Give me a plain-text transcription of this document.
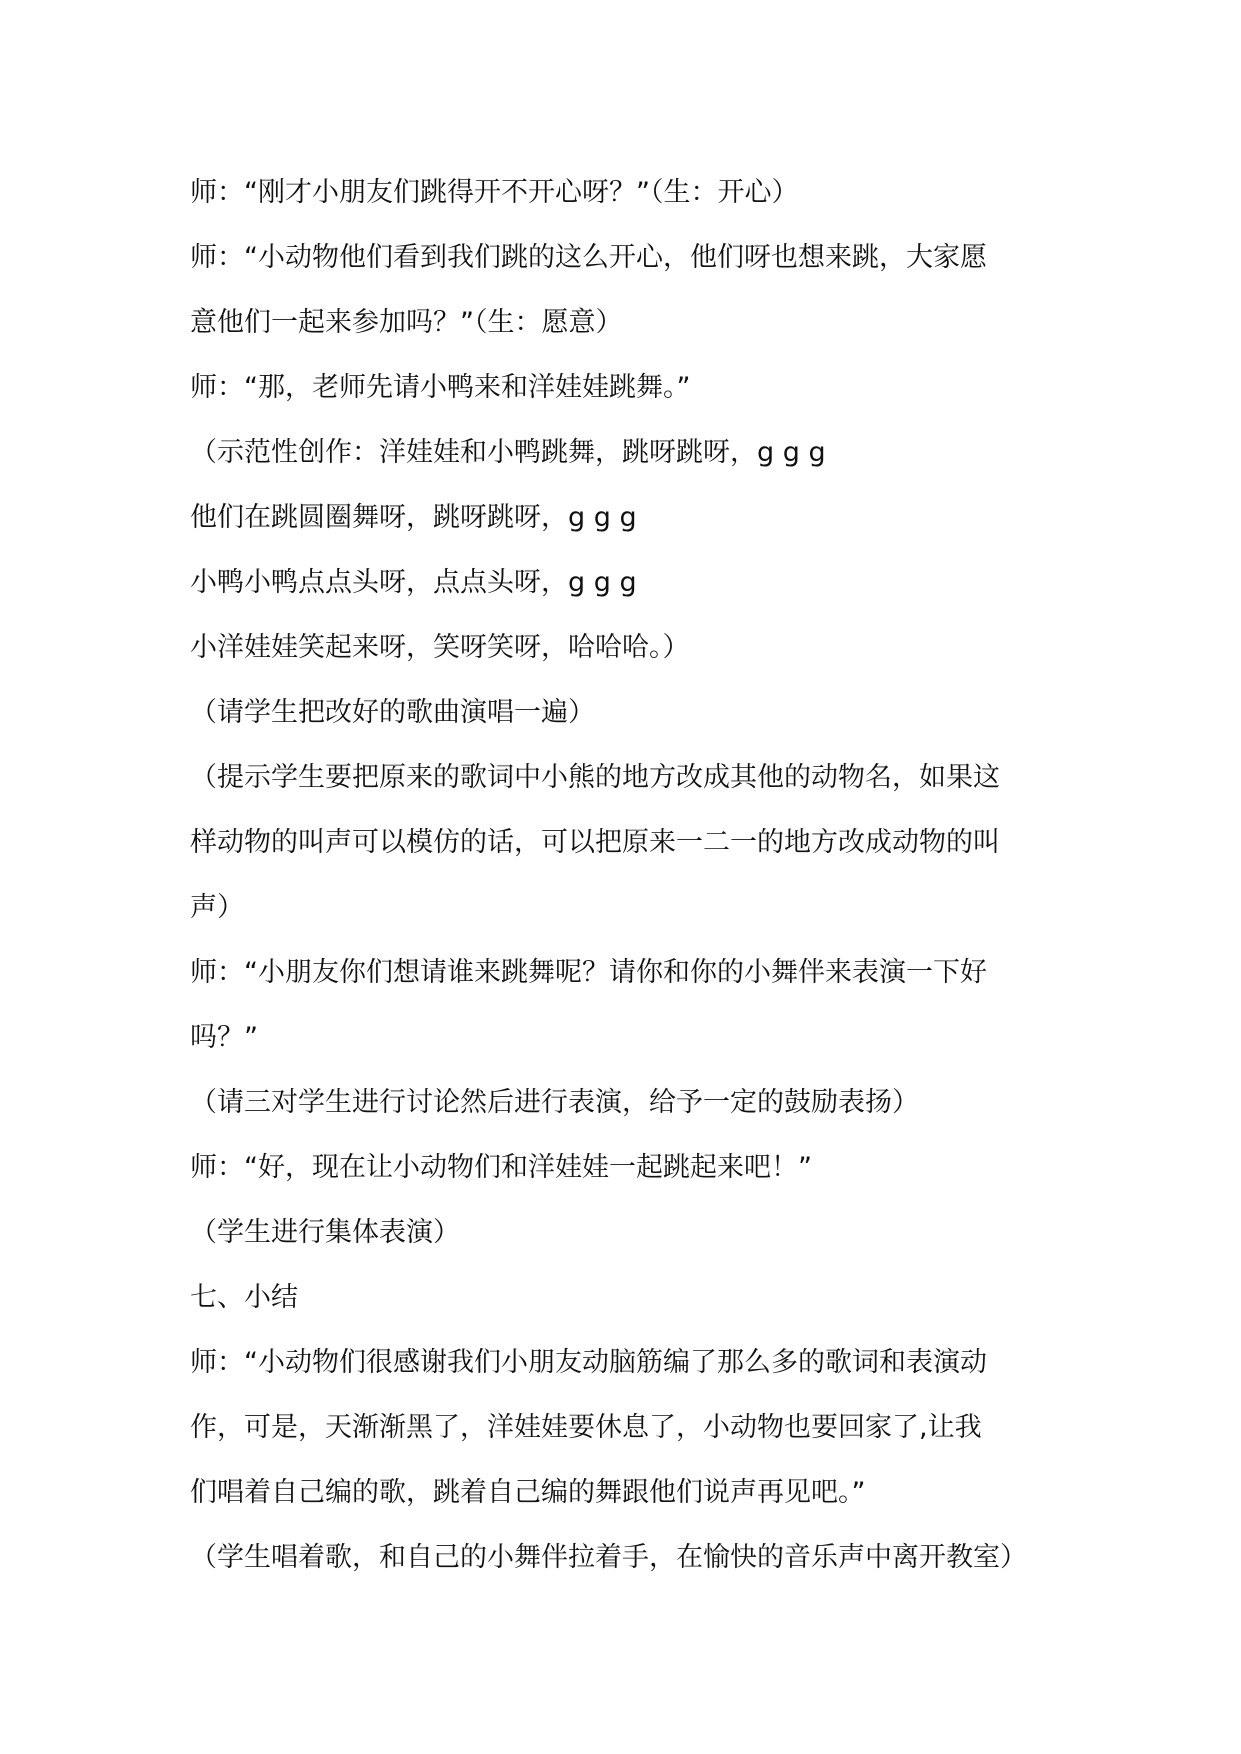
师：“刚才小朋友们跳得开不开心呀？”（生：开心）

师：“小动物他们看到我们跳的这么开心，他们呀也想来跳，大家愿

意他们一起来参加吗？”（生：愿意）

师：“那，老师先请小鸭来和洋娃娃跳舞。”

（示范性创作：洋娃娃和小鸭跳舞，跳呀跳呀，g g g

他们在跳圆圈舞呀，跳呀跳呀，g g g

小鸭小鸭点点头呀，点点头呀，g g g

小洋娃娃笑起来呀，笑呀笑呀，哈哈哈。）

（请学生把改好的歌曲演唱一遍）

（提示学生要把原来的歌词中小熊的地方改成其他的动物名，如果这

样动物的叫声可以模仿的话，可以把原来一二一的地方改成动物的叫

声）

师：“小朋友你们想请谁来跳舞呢？请你和你的小舞伴来表演一下好

吗？”

（请三对学生进行讨论然后进行表演，给予一定的鼓励表扬）

师：“好，现在让小动物们和洋娃娃一起跳起来吧！”

（学生进行集体表演）

七、小结

师：“小动物们很感谢我们小朋友动脑筋编了那么多的歌词和表演动

作，可是，天渐渐黑了，洋娃娃要休息了，小动物也要回家了,让我

们唱着自己编的歌，跳着自己编的舞跟他们说声再见吧。”

（学生唱着歌，和自己的小舞伴拉着手，在愉快的音乐声中离开教室）
